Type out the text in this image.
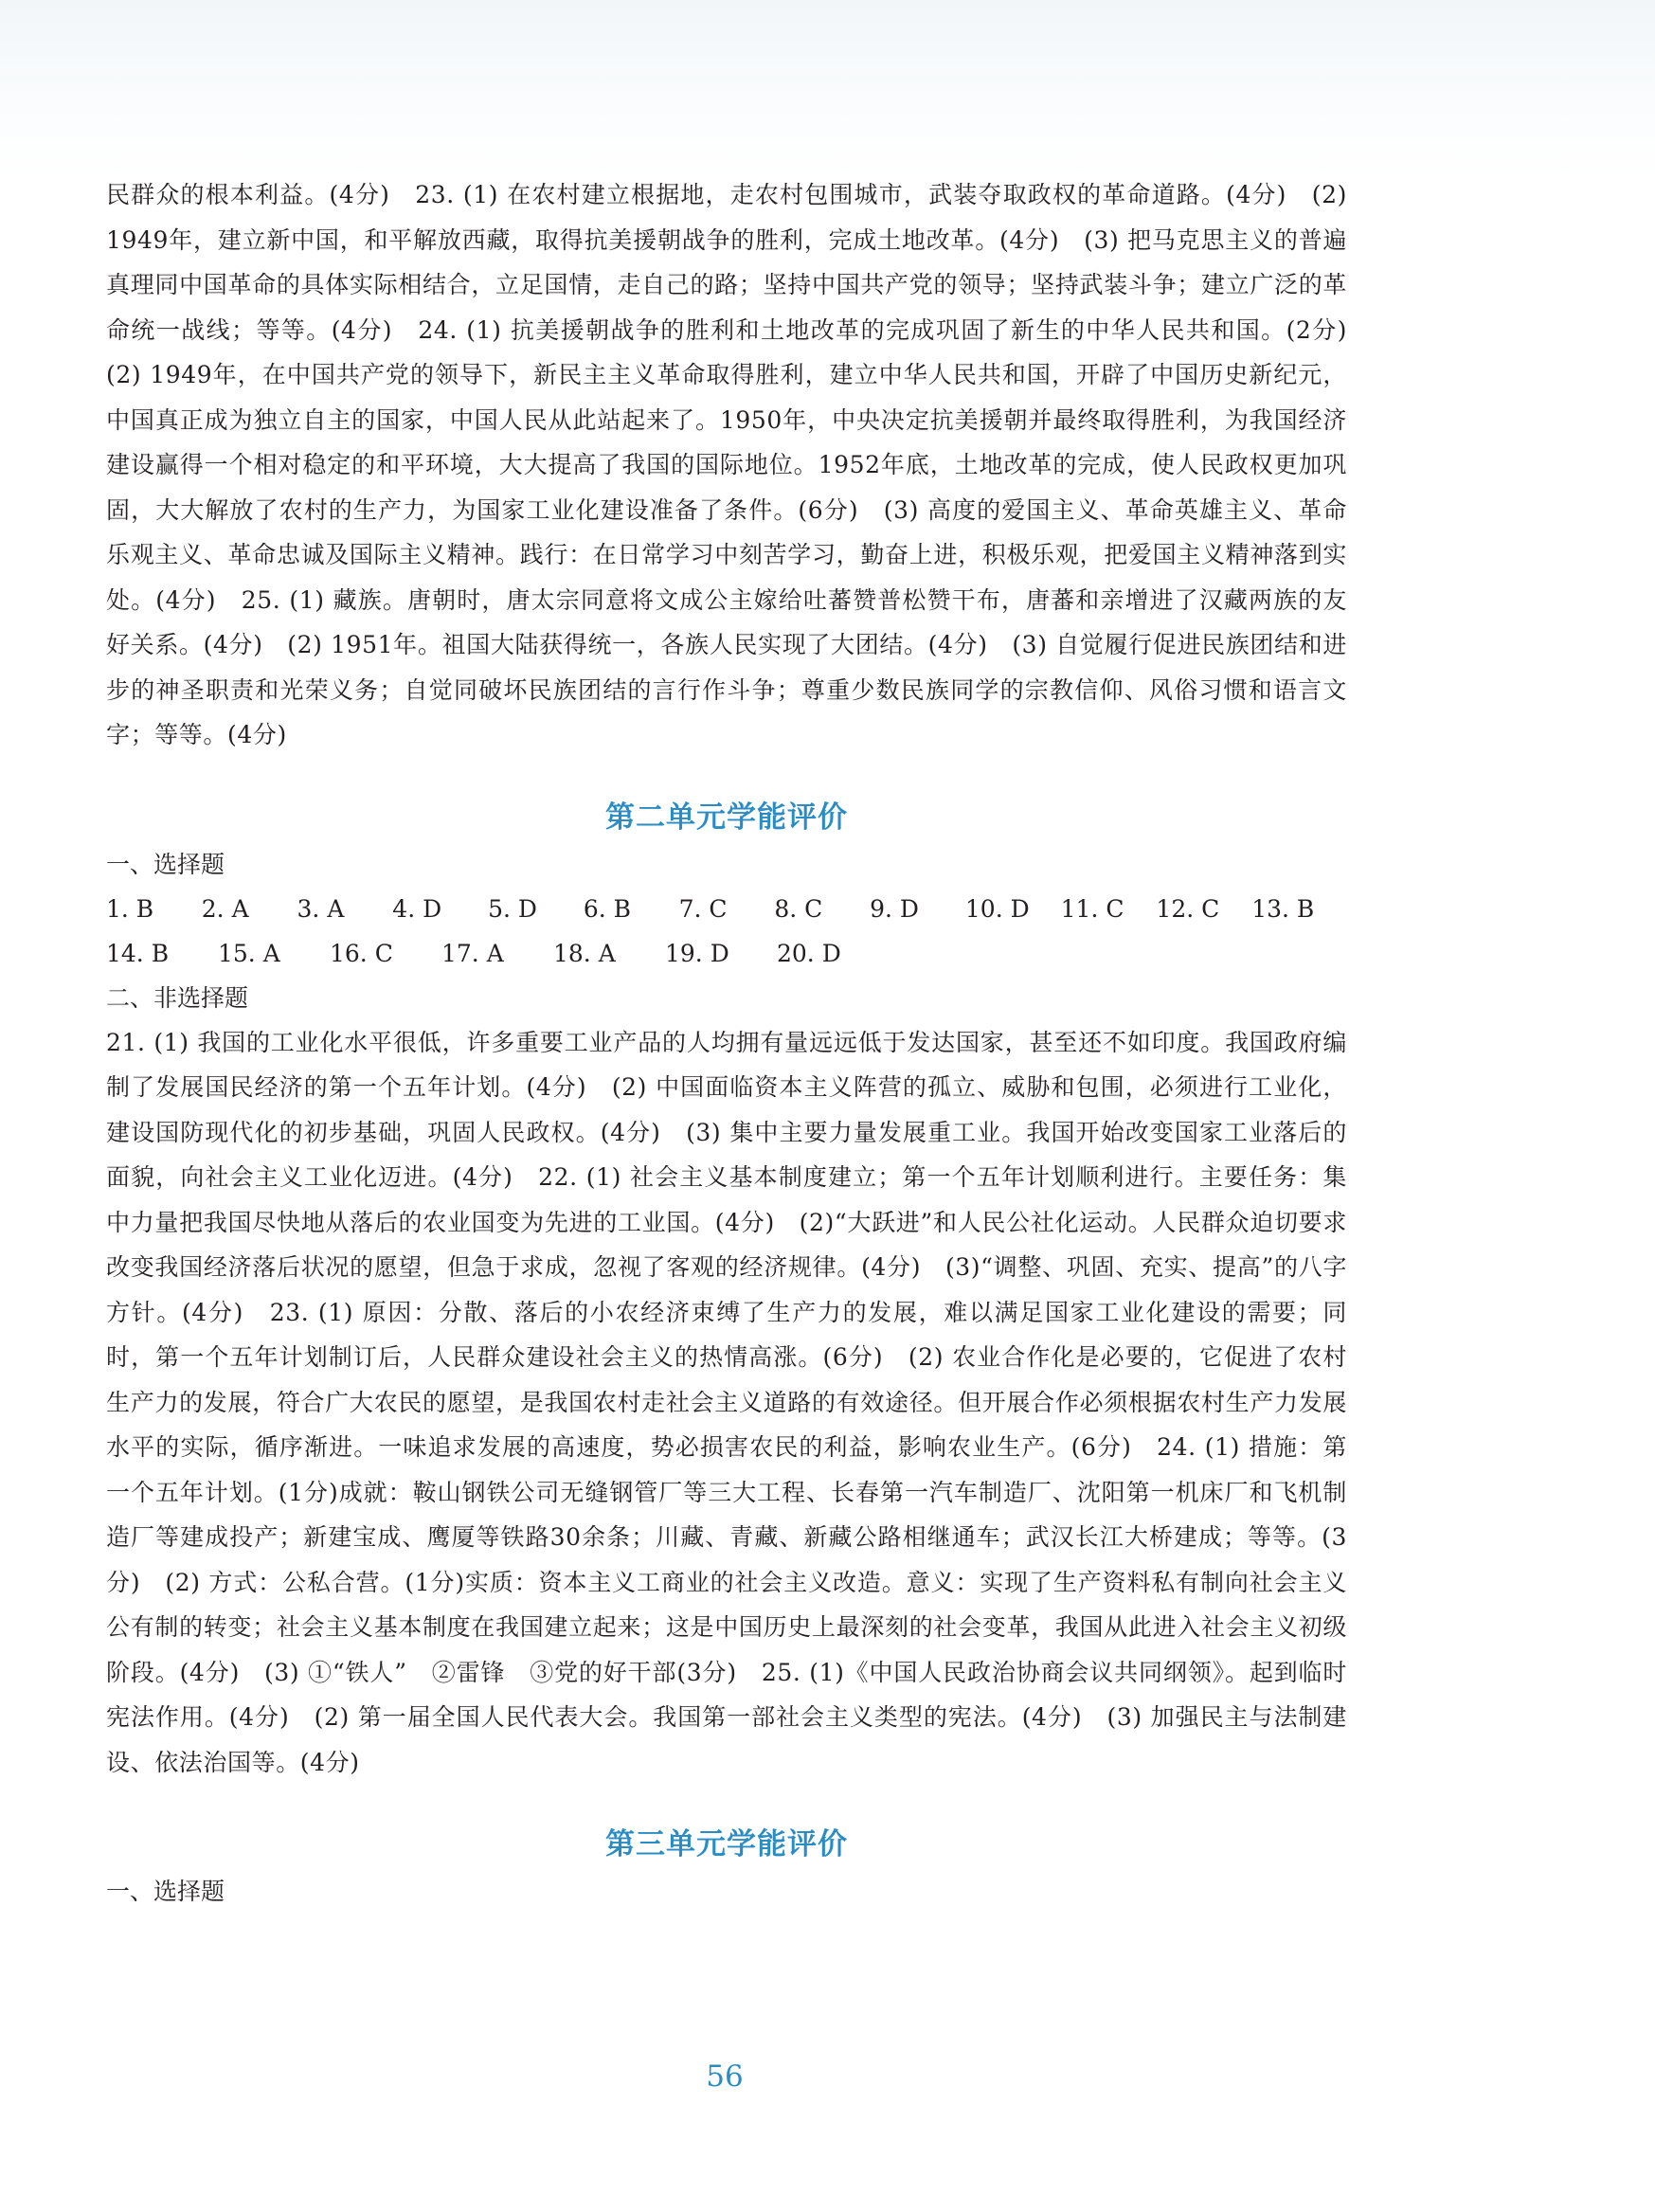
民群众的根本利益。(4分)　23. (1) 在农村建立根据地，走农村包围城市，武装夺取政权的革命道路。(4分)　(2) 1949年，建立新中国，和平解放西藏，取得抗美援朝战争的胜利，完成土地改革。(4分)　(3) 把马克思主义的普遍真理同中国革命的具体实际相结合，立足国情，走自己的路；坚持中国共产党的领导；坚持武装斗争；建立广泛的革命统一战线；等等。(4分)　24. (1) 抗美援朝战争的胜利和土地改革的完成巩固了新生的中华人民共和国。(2分)　(2) 1949年，在中国共产党的领导下，新民主主义革命取得胜利，建立中华人民共和国，开辟了中国历史新纪元，中国真正成为独立自主的国家，中国人民从此站起来了。1950年，中央决定抗美援朝并最终取得胜利，为我国经济建设赢得一个相对稳定的和平环境，大大提高了我国的国际地位。1952年底，土地改革的完成，使人民政权更加巩固，大大解放了农村的生产力，为国家工业化建设准备了条件。(6分)　(3) 高度的爱国主义、革命英雄主义、革命乐观主义、革命忠诚及国际主义精神。践行：在日常学习中刻苦学习，勤奋上进，积极乐观，把爱国主义精神落到实处。(4分)　25. (1) 藏族。唐朝时，唐太宗同意将文成公主嫁给吐蕃赞普松赞干布，唐蕃和亲增进了汉藏两族的友好关系。(4分)　(2) 1951年。祖国大陆获得统一，各族人民实现了大团结。(4分)　(3) 自觉履行促进民族团结和进步的神圣职责和光荣义务；自觉同破坏民族团结的言行作斗争；尊重少数民族同学的宗教信仰、风俗习惯和语言文字；等等。(4分)

第二单元学能评价

一、选择题

1. B	2. A	3. A	4. D	5. D	6. B	7. C	8. C	9. D	10. D	11. C	12. C	13. B
14. B	15. A	16. C	17. A	18. A	19. D	20. D

二、非选择题

21. (1) 我国的工业化水平很低，许多重要工业产品的人均拥有量远远低于发达国家，甚至还不如印度。我国政府编制了发展国民经济的第一个五年计划。(4分)　(2) 中国面临资本主义阵营的孤立、威胁和包围，必须进行工业化，建设国防现代化的初步基础，巩固人民政权。(4分)　(3) 集中主要力量发展重工业。我国开始改变国家工业落后的面貌，向社会主义工业化迈进。(4分)　22. (1) 社会主义基本制度建立；第一个五年计划顺利进行。主要任务：集中力量把我国尽快地从落后的农业国变为先进的工业国。(4分)　(2)“大跃进”和人民公社化运动。人民群众迫切要求改变我国经济落后状况的愿望，但急于求成，忽视了客观的经济规律。(4分)　(3)“调整、巩固、充实、提高”的八字方针。(4分)　23. (1) 原因：分散、落后的小农经济束缚了生产力的发展，难以满足国家工业化建设的需要；同时，第一个五年计划制订后，人民群众建设社会主义的热情高涨。(6分)　(2) 农业合作化是必要的，它促进了农村生产力的发展，符合广大农民的愿望，是我国农村走社会主义道路的有效途径。但开展合作必须根据农村生产力发展水平的实际，循序渐进。一味追求发展的高速度，势必损害农民的利益，影响农业生产。(6分)　24. (1) 措施：第一个五年计划。(1分)成就：鞍山钢铁公司无缝钢管厂等三大工程、长春第一汽车制造厂、沈阳第一机床厂和飞机制造厂等建成投产；新建宝成、鹰厦等铁路30余条；川藏、青藏、新藏公路相继通车；武汉长江大桥建成；等等。(3分)　(2) 方式：公私合营。(1分)实质：资本主义工商业的社会主义改造。意义：实现了生产资料私有制向社会主义公有制的转变；社会主义基本制度在我国建立起来；这是中国历史上最深刻的社会变革，我国从此进入社会主义初级阶段。(4分)　(3) ①“铁人”　②雷锋　③党的好干部(3分)　25. (1)《中国人民政治协商会议共同纲领》。起到临时宪法作用。(4分)　(2) 第一届全国人民代表大会。我国第一部社会主义类型的宪法。(4分)　(3) 加强民主与法制建设、依法治国等。(4分)

第三单元学能评价

一、选择题

56
